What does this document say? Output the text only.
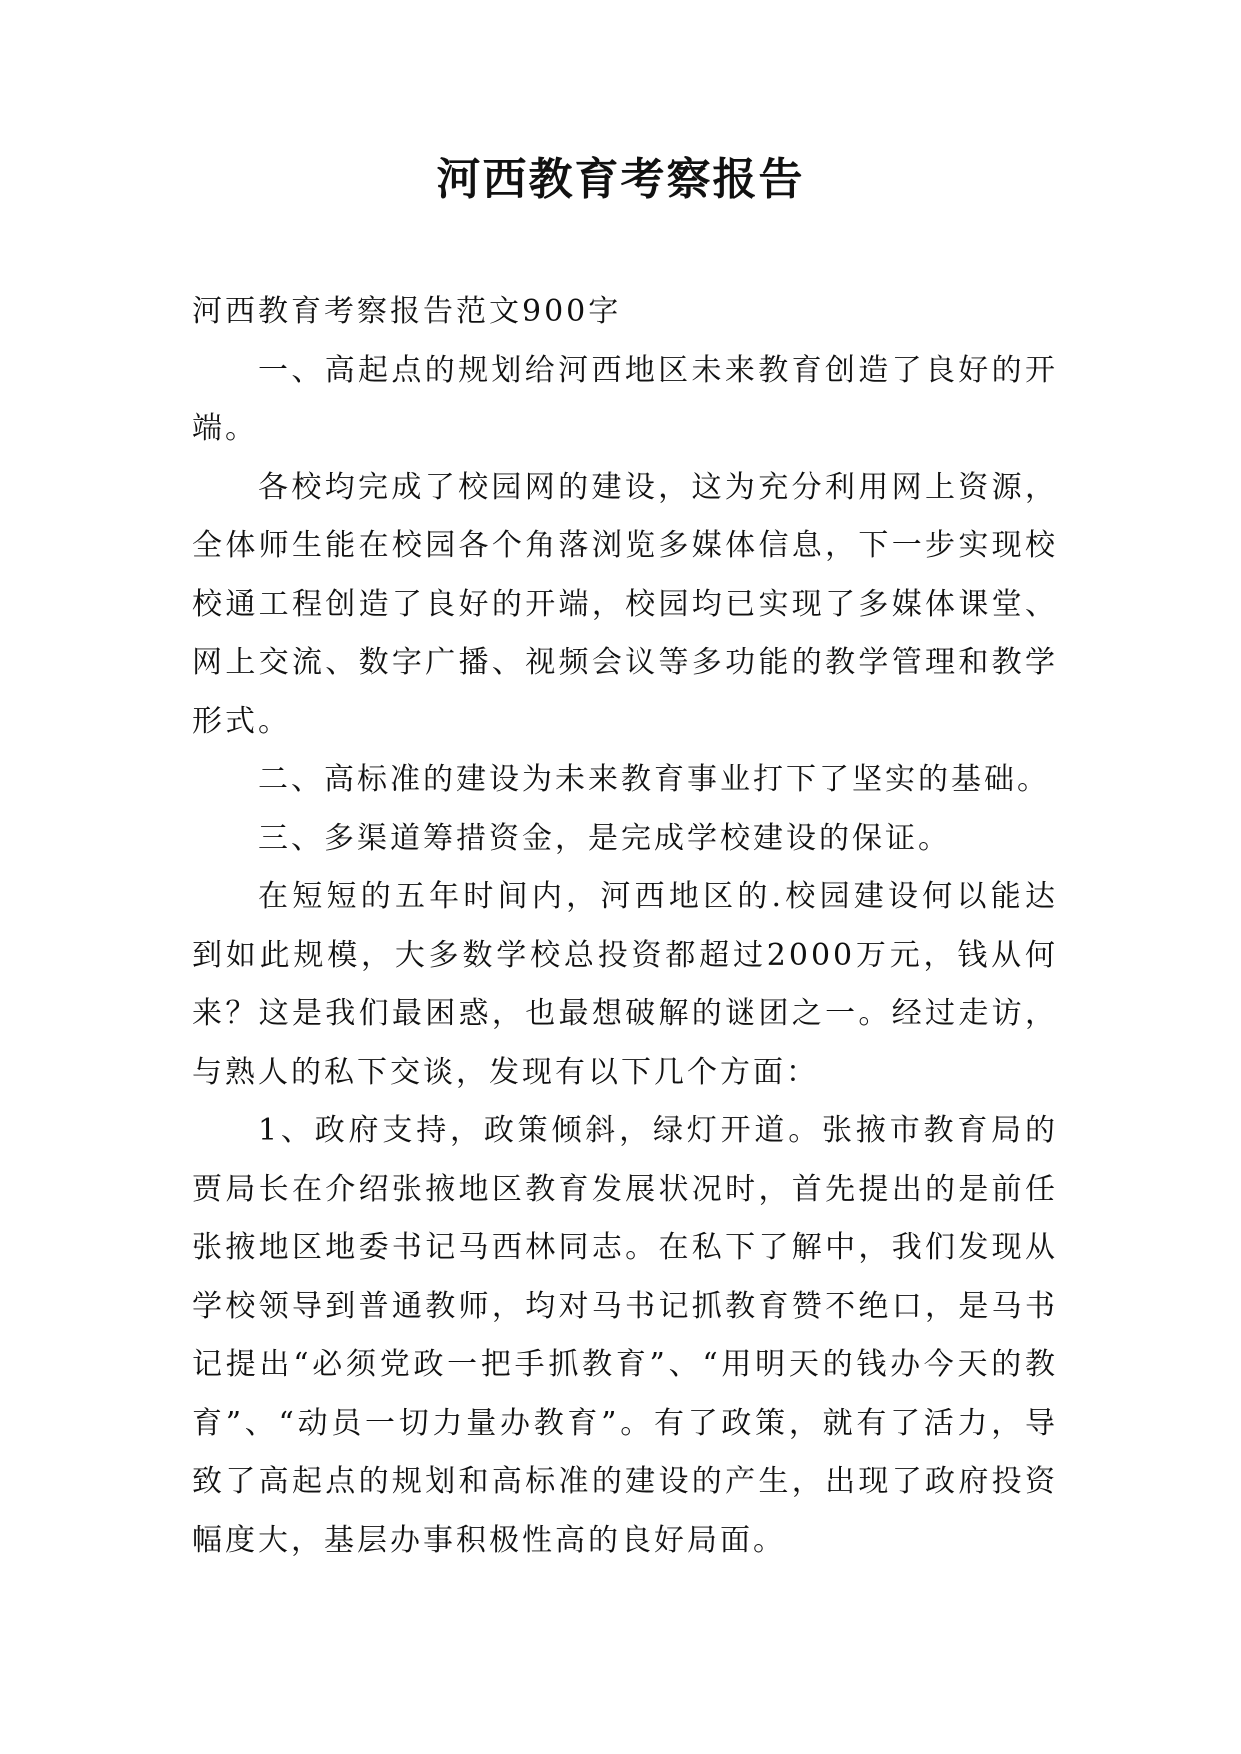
河西教育考察报告

河西教育考察报告范文900字

一、高起点的规划给河西地区未来教育创造了良好的开端。

各校均完成了校园网的建设，这为充分利用网上资源，全体师生能在校园各个角落浏览多媒体信息，下一步实现校校通工程创造了良好的开端，校园均已实现了多媒体课堂、网上交流、数字广播、视频会议等多功能的教学管理和教学形式。

二、高标准的建设为未来教育事业打下了坚实的基础。

三、多渠道筹措资金，是完成学校建设的保证。

在短短的五年时间内，河西地区的.校园建设何以能达到如此规模，大多数学校总投资都超过2000万元，钱从何来？这是我们最困惑，也最想破解的谜团之一。经过走访，与熟人的私下交谈，发现有以下几个方面：

1、政府支持，政策倾斜，绿灯开道。张掖市教育局的贾局长在介绍张掖地区教育发展状况时，首先提出的是前任张掖地区地委书记马西林同志。在私下了解中，我们发现从学校领导到普通教师，均对马书记抓教育赞不绝口，是马书记提出“必须党政一把手抓教育”、“用明天的钱办今天的教育”、“动员一切力量办教育”。有了政策，就有了活力，导致了高起点的规划和高标准的建设的产生，出现了政府投资幅度大，基层办事积极性高的良好局面。
